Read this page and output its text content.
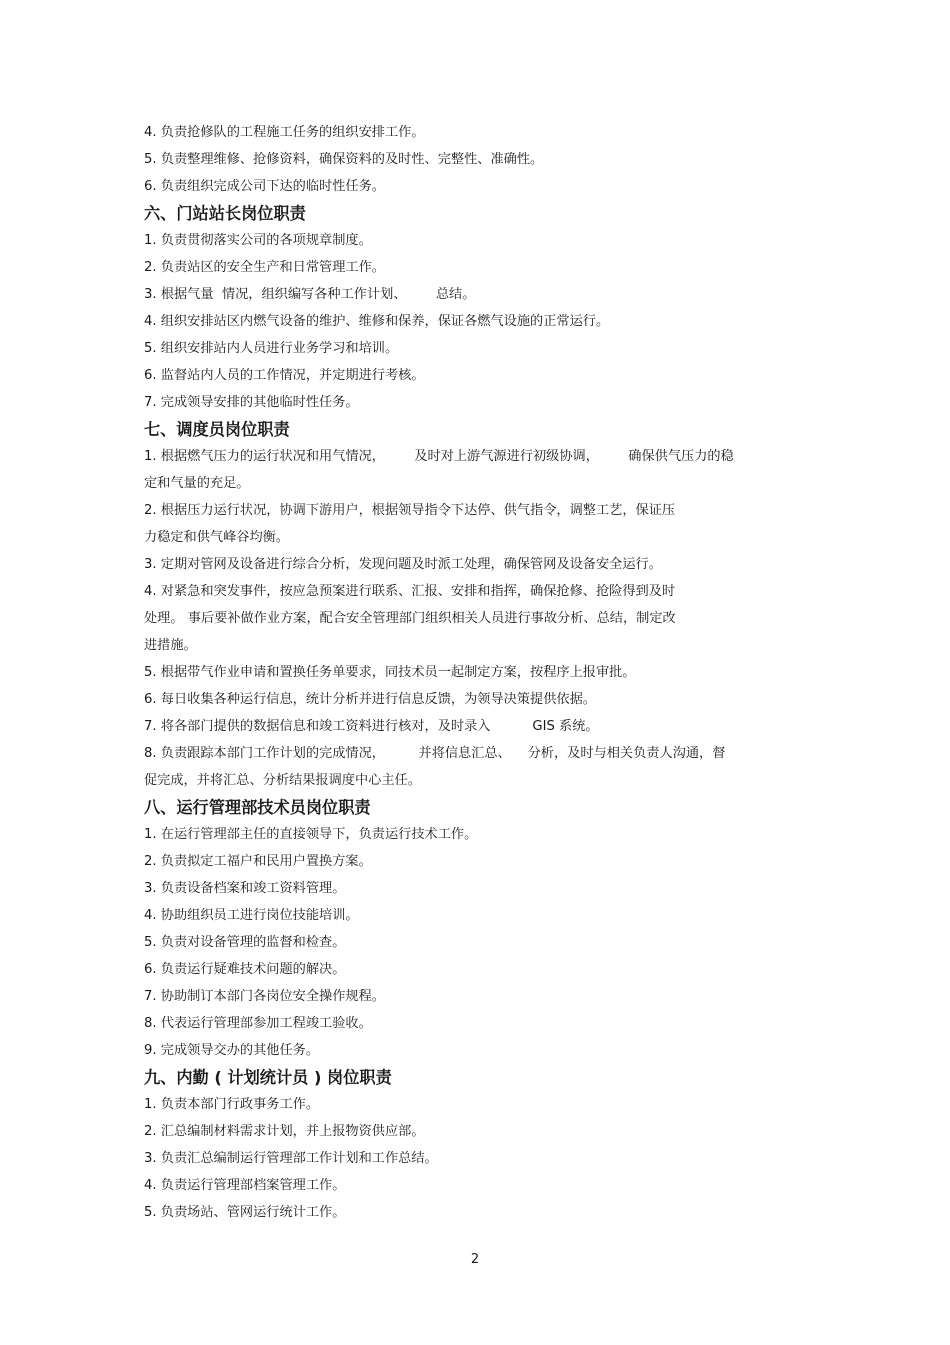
4. 负责抢修队的工程施工任务的组织安排工作。

5. 负责整理维修、抢修资料，确保资料的及时性、完整性、准确性。

6. 负责组织完成公司下达的临时性任务。

六、门站站长岗位职责

1. 负责贯彻落实公司的各项规章制度。

2. 负责站区的安全生产和日常管理工作。

3. 根据气量  情况，组织编写各种工作计划、       总结。

4. 组织安排站区内燃气设备的维护、维修和保养，保证各燃气设施的正常运行。

5. 组织安排站内人员进行业务学习和培训。

6. 监督站内人员的工作情况，并定期进行考核。

7. 完成领导安排的其他临时性任务。

七、调度员岗位职责

1. 根据燃气压力的运行状况和用气情况，       及时对上游气源进行初级协调，       确保供气压力的稳

定和气量的充足。

2. 根据压力运行状况，协调下游用户，根据领导指令下达停、供气指令，调整工艺，保证压

力稳定和供气峰谷均衡。

3. 定期对管网及设备进行综合分析，发现问题及时派工处理，确保管网及设备安全运行。

4. 对紧急和突发事件，按应急预案进行联系、汇报、安排和指挥，确保抢修、抢险得到及时

处理。 事后要补做作业方案，配合安全管理部门组织相关人员进行事故分析、总结，制定改

进措施。

5. 根据带气作业申请和置换任务单要求，同技术员一起制定方案，按程序上报审批。

6. 每日收集各种运行信息，统计分析并进行信息反馈，为领导决策提供依据。

7. 将各部门提供的数据信息和竣工资料进行核对，及时录入          GIS 系统。

8. 负责跟踪本部门工作计划的完成情况，        并将信息汇总、    分析，及时与相关负责人沟通，督

促完成，并将汇总、分析结果报调度中心主任。

八、运行管理部技术员岗位职责

1. 在运行管理部主任的直接领导下，负责运行技术工作。

2. 负责拟定工福户和民用户置换方案。

3. 负责设备档案和竣工资料管理。

4. 协助组织员工进行岗位技能培训。

5. 负责对设备管理的监督和检查。

6. 负责运行疑难技术问题的解决。

7. 协助制订本部门各岗位安全操作规程。

8. 代表运行管理部参加工程竣工验收。

9. 完成领导交办的其他任务。

九、内勤 ( 计划统计员 ) 岗位职责

1. 负责本部门行政事务工作。

2. 汇总编制材料需求计划，并上报物资供应部。

3. 负责汇总编制运行管理部工作计划和工作总结。

4. 负责运行管理部档案管理工作。

5. 负责场站、管网运行统计工作。

2
